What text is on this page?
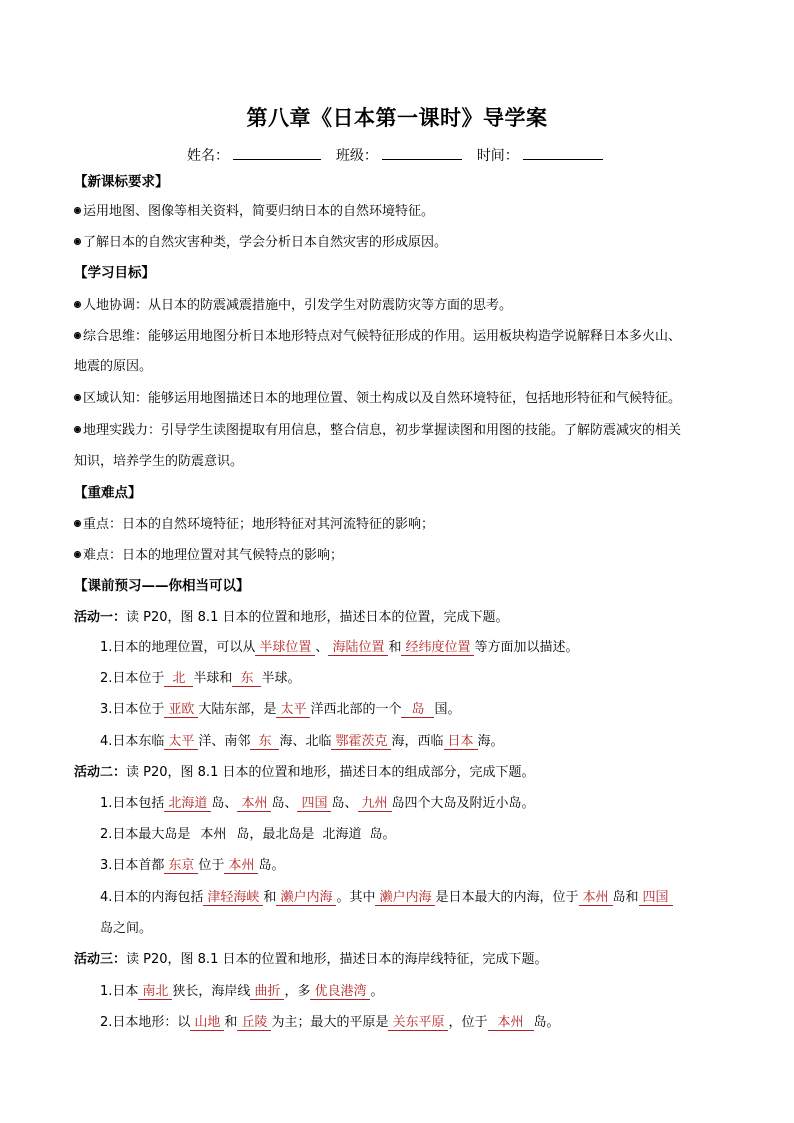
第八章《日本第一课时》导学案
姓名：	班级：	时间：
【新课标要求】
运用地图、图像等相关资料，简要归纳日本的自然环境特征。
了解日本的自然灾害种类，学会分析日本自然灾害的形成原因。
【学习目标】
人地协调：从日本的防震减震措施中，引发学生对防震防灾等方面的思考。
综合思维：能够运用地图分析日本地形特点对气候特征形成的作用。运用板块构造学说解释日本多火山、
地震的原因。
区域认知：能够运用地图描述日本的地理位置、领土构成以及自然环境特征，包括地形特征和气候特征。
地理实践力：引导学生读图提取有用信息，整合信息，初步掌握读图和用图的技能。了解防震减灾的相关
知识，培养学生的防震意识。
【重难点】
重点：日本的自然环境特征；地形特征对其河流特征的影响；
难点：日本的地理位置对其气候特点的影响；
【课前预习——你相当可以】
活动一：读 P20，图 8.1 日本的位置和地形，描述日本的位置，完成下题。
1.日本的地理位置，可以从 半球位置 、 海陆位置 和 经纬度位置 等方面加以描述。
2.日本位于 北 半球和 东 半球。
3.日本位于 亚欧 大陆东部，是 太平 洋西北部的一个 岛 国。
4.日本东临 太平 洋、南邻 东 海、北临 鄂霍茨克 海，西临 日本 海。
活动二：读 P20，图 8.1 日本的位置和地形，描述日本的组成部分，完成下题。
1.日本包括 北海道 岛、 本州 岛、 四国 岛、 九州 岛四个大岛及附近小岛。
2.日本最大岛是 本州 岛，最北岛是 北海道 岛。
3.日本首都 东京 位于 本州 岛。
4.日本的内海包括 津轻海峡 和 濑户内海 。其中 濑户内海 是日本最大的内海，位于 本州 岛和 四国
岛之间。
活动三：读 P20，图 8.1 日本的位置和地形，描述日本的海岸线特征，完成下题。
1.日本 南北 狭长，海岸线 曲折 ，多 优良港湾 。
2.日本地形：以 山地 和 丘陵 为主；最大的平原是 关东平原 ，位于 本州 岛。
